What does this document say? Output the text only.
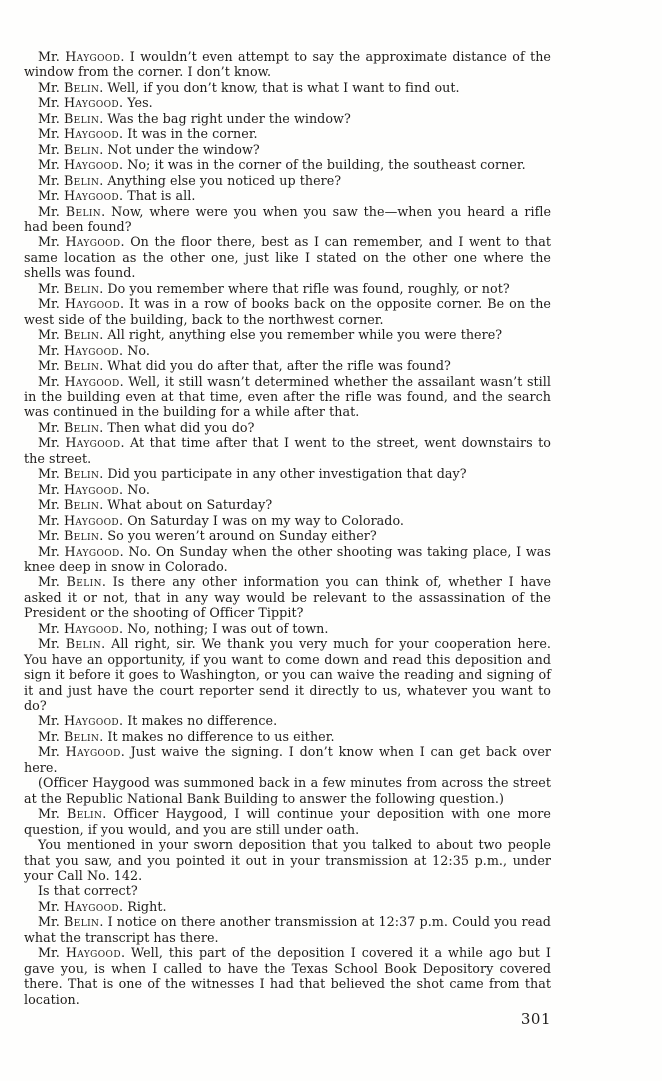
Mr. Haygood. I wouldn’t even attempt to say the approximate distance of the window from the corner. I don’t know.

Mr. Belin. Well, if you don’t know, that is what I want to find out.

Mr. Haygood. Yes.

Mr. Belin. Was the bag right under the window?

Mr. Haygood. It was in the corner.

Mr. Belin. Not under the window?

Mr. Haygood. No; it was in the corner of the building, the southeast corner.

Mr. Belin. Anything else you noticed up there?

Mr. Haygood. That is all.

Mr. Belin. Now, where were you when you saw the—when you heard a rifle had been found?

Mr. Haygood. On the floor there, best as I can remember, and I went to that same location as the other one, just like I stated on the other one where the shells was found.

Mr. Belin. Do you remember where that rifle was found, roughly, or not?

Mr. Haygood. It was in a row of books back on the opposite corner. Be on the west side of the building, back to the northwest corner.

Mr. Belin. All right, anything else you remember while you were there?

Mr. Haygood. No.

Mr. Belin. What did you do after that, after the rifle was found?

Mr. Haygood. Well, it still wasn’t determined whether the assailant wasn’t still in the building even at that time, even after the rifle was found, and the search was continued in the building for a while after that.

Mr. Belin. Then what did you do?

Mr. Haygood. At that time after that I went to the street, went downstairs to the street.

Mr. Belin. Did you participate in any other investigation that day?

Mr. Haygood. No.

Mr. Belin. What about on Saturday?

Mr. Haygood. On Saturday I was on my way to Colorado.

Mr. Belin. So you weren’t around on Sunday either?

Mr. Haygood. No. On Sunday when the other shooting was taking place, I was knee deep in snow in Colorado.

Mr. Belin. Is there any other information you can think of, whether I have asked it or not, that in any way would be relevant to the assassination of the President or the shooting of Officer Tippit?

Mr. Haygood. No, nothing; I was out of town.

Mr. Belin. All right, sir. We thank you very much for your cooperation here. You have an opportunity, if you want to come down and read this deposition and sign it before it goes to Washington, or you can waive the reading and signing of it and just have the court reporter send it directly to us, whatever you want to do?

Mr. Haygood. It makes no difference.

Mr. Belin. It makes no difference to us either.

Mr. Haygood. Just waive the signing. I don’t know when I can get back over here.

(Officer Haygood was summoned back in a few minutes from across the street at the Republic National Bank Building to answer the following question.)

Mr. Belin. Officer Haygood, I will continue your deposition with one more question, if you would, and you are still under oath.

You mentioned in your sworn deposition that you talked to about two people that you saw, and you pointed it out in your transmission at 12:35 p.m., under your Call No. 142.

Is that correct?

Mr. Haygood. Right.

Mr. Belin. I notice on there another transmission at 12:37 p.m. Could you read what the transcript has there.

Mr. Haygood. Well, this part of the deposition I covered it a while ago but I gave you, is when I called to have the Texas School Book Depository covered there. That is one of the witnesses I had that believed the shot came from that location.

301
